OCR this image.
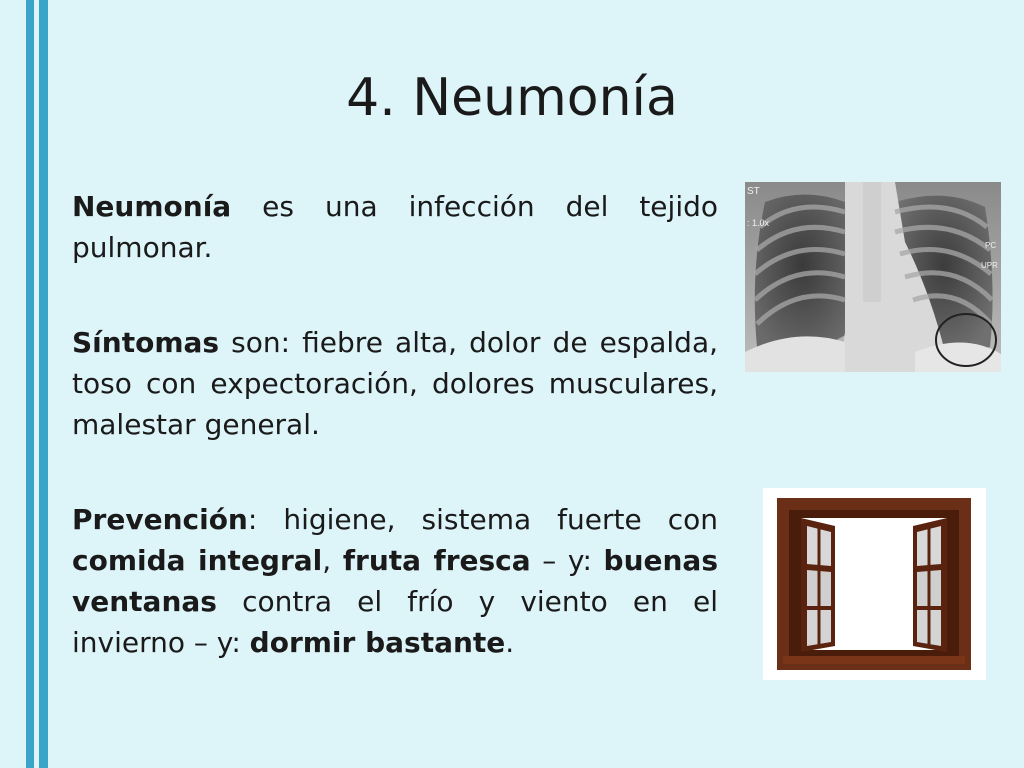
4. Neumonía

Neumonía es una infección del tejido pulmonar.

Síntomas son: fiebre alta, dolor de espalda, toso con expectoración, dolores musculares, malestar general.

Prevención: higiene, sistema fuerte con comida integral, fruta fresca – y: buenas ventanas contra el frío y viento en el invierno – y: dormir bastante.

ST
: 1.0x
PC
UPR
